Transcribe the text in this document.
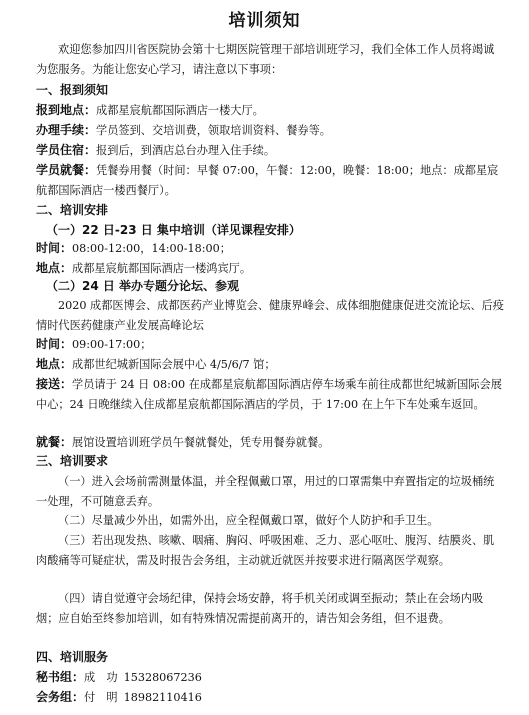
培训须知
欢迎您参加四川省医院协会第十七期医院管理干部培训班学习，我们全体工作人员将竭诚为您服务。为能让您安心学习，请注意以下事项：
一、报到须知
报到地点：成都星宸航都国际酒店一楼大厅。
办理手续：学员签到、交培训费，领取培训资料、餐券等。
学员住宿：报到后，到酒店总台办理入住手续。
学员就餐：凭餐券用餐（时间：早餐 07:00，午餐：12:00，晚餐：18:00；地点：成都星宸航都国际酒店一楼西餐厅）。
二、培训安排
（一）22 日-23 日 集中培训（详见课程安排）
时间：08:00-12:00，14:00-18:00；
地点：成都星宸航都国际酒店一楼鸿宾厅。
（二）24 日 举办专题分论坛、参观
2020 成都医博会、成都医药产业博览会、健康界峰会、成体细胞健康促进交流论坛、后疫情时代医药健康产业发展高峰论坛
时间：09:00-17:00；
地点：成都世纪城新国际会展中心 4/5/6/7 馆；
接送：学员请于 24 日 08:00 在成都星宸航都国际酒店停车场乘车前往成都世纪城新国际会展中心；24 日晚继续入住成都星宸航都国际酒店的学员，于 17:00 在上午下车处乘车返回。
就餐：展馆设置培训班学员午餐就餐处，凭专用餐券就餐。
三、培训要求
（一）进入会场前需测量体温，并全程佩戴口罩，用过的口罩需集中弃置指定的垃圾桶统一处理，不可随意丢弃。
（二）尽量减少外出，如需外出，应全程佩戴口罩，做好个人防护和手卫生。
（三）若出现发热、咳嗽、咽痛、胸闷、呼吸困难、乏力、恶心呕吐、腹泻、结膜炎、肌肉酸痛等可疑症状，需及时报告会务组，主动就近就医并按要求进行隔离医学观察。
（四）请自觉遵守会场纪律，保持会场安静，将手机关闭或调至振动；禁止在会场内吸烟；应自始至终参加培训，如有特殊情况需提前离开的，请告知会务组，但不退费。
四、培训服务
秘书组：成　功 15328067236
会务组：付　明 18982110416
